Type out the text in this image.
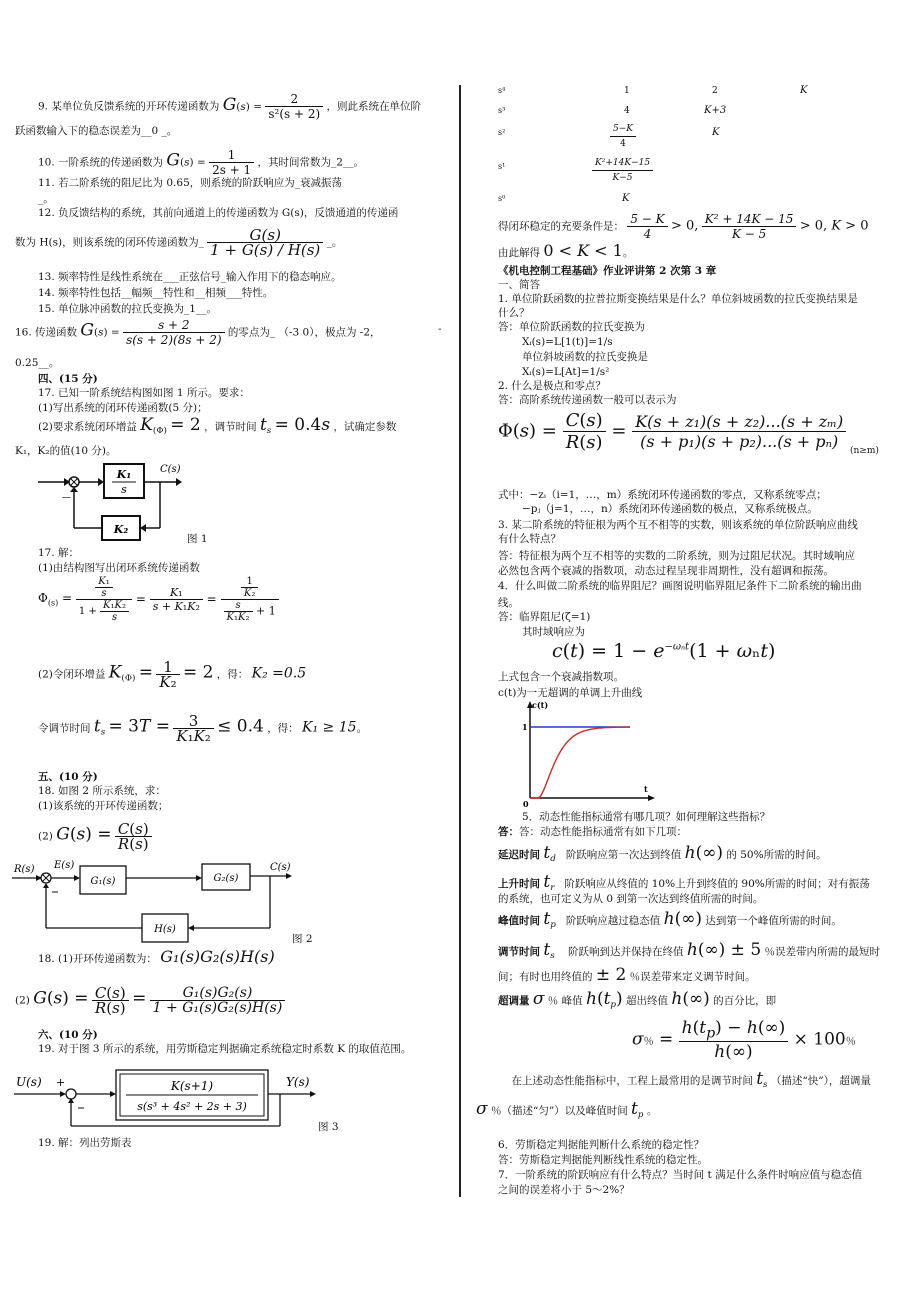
9. 某单位负反馈系统的开环传递函数为 $G(s) = \frac{2}{\text{s²(s + 2)}}$ ，则此系统在单位阶
跃函数输入下的稳态误差为__0 _。
10. 一阶系统的传递函数为 $G(s) = \frac{1}{2s + 1}$ ，其时间常数为_2__。
11. 若二阶系统的阻尼比为 0.65，则系统的阶跃响应为_衰减振荡
_。
12. 负反馈结构的系统，其前向通道上的传递函数为 G(s)，反馈通道的传递函
数为 H(s)，则该系统的闭环传递函数为_ $\frac{G(s)}{1 + G(s) / H(s)}$ _。
13. 频率特性是线性系统在___正弦信号_输入作用下的稳态响应。
14. 频率特性包括__幅频__特性和__相频___特性。
15. 单位脉冲函数的拉氏变换为_1__。
16. 传递函数 $G(s) = \frac{s + 2}{s(s + 2)(8s + 2)}$ 的零点为_ （-3 0），极点为 -2，	-
0.25__。
四、(15 分)
17. 已知一阶系统结构图如图 1 所示。要求：
(1)写出系统的闭环传递函数(5 分)；
(2)要求系统闭环增益 $K_{(\Phi)} = 2$ ，调节时间 $t_s = 0.4s$ ，试确定参数
K₁，K₂的值(10 分)。
K₁
s
C(s)
K₂
—
图 1
17. 解：
(1)由结构图写出闭环系统传递函数
$\Phi_{(s)} = \frac{\frac{\text{K₁}}{s}}{1 + \frac{\text{K₁K₂}}{s}} = \frac{\text{K₁}}{\text{s + K₁K₂}} = \frac{\frac{1}{\text{K₂}}}{\frac{s}{\text{K₁K₂}} + 1}$
(2)令闭环增益 $K_{(\Phi)} = \frac{1}{\text{K₂}} = 2$ ，得： K₂ =0.5
令调节时间 $t_s = 3T = \frac{3}{\text{K₁K₂}} \le 0.4$ ，得： K₁ ≥ 15。
五、(10 分)
18. 如图 2 所示系统，求：
(1)该系统的开环传递函数；
(2) $G(s) = \frac{C(s)}{R(s)}$
R(s) E(s)
G₁(s)	G₂(s)
C(s)
H(s)
图 2
18. (1)开环传递函数为： G₁(s)G₂(s)H(s)
(2) $G(s) = \frac{C(s)}{R(s)} = \frac{\text{G₁(s)G₂(s)}}{\text{1 + G₁(s)G₂(s)H(s)}}$
六、(10 分)
19. 对于图 3 所示的系统，用劳斯稳定判据确定系统稳定时系数 K 的取值范围。
U(s) +	K(s+1)
s(s³ + 4s² + 2s + 3)
Y(s)
图 3
19. 解：列出劳斯表
s⁴	1	2	K
s³	4	K+3
s²	$\frac{5-K}{4}$	K
s¹	$\frac{\text{K²+14K−15}}{K-5}$
s⁰	K
得闭环稳定的充要条件是： $\frac{5 - K}{4} > 0$, $\frac{\text{K² + 14K − 15}}{K - 5} > 0$, K > 0
由此解得 0 < K < 1。
《机电控制工程基础》作业评讲第 2 次第 3 章
一、简答
1. 单位阶跃函数的拉普拉斯变换结果是什么？单位斜坡函数的拉氏变换结果是
什么？
答：单位阶跃函数的拉氏变换为
Xᵢ(s)=L[1(t)]=1/s
单位斜坡函数的拉氏变换是
Xᵢ(s)=L[At]=1/s²
2. 什么是极点和零点？
答：高阶系统传递函数一般可以表示为
$\Phi(s) = \frac{C(s)}{R(s)} = \frac{\text{K(s + z₁)(s + z₂)...(s + zₘ)}}{\text{(s + p₁)(s + p₂)...(s + pₙ)}} (n\ge m)$
式中：−zᵢ（i=1，…，m）系统闭环传递函数的零点，又称系统零点；
−pⱼ（j=1，…，n）系统闭环传递函数的极点，又称系统极点。
3. 某二阶系统的特征根为两个互不相等的实数，则该系统的单位阶跃响应曲线
有什么特点？
答：特征根为两个互不相等的实数的二阶系统，则为过阻尼状况。其时域响应
必然包含两个衰减的指数项，动态过程呈现非周期性，没有超调和振荡。
4．什么叫做二阶系统的临界阻尼？画图说明临界阻尼条件下二阶系统的输出曲
线。
答：临界阻尼(ζ=1)
其时域响应为
$c(t) = 1 - e^{-\omega_nt}(1 + \omega_nt)$
上式包含一个衰减指数项。
c(t)为一无超调的单调上升曲线
c(t)
t
0
1
5．动态性能指标通常有哪几项？如何理解这些指标？
答：答：动态性能指标通常有如下几项：
延迟时间 $t_d$ 阶跃响应第一次达到终值 h(∞) 的 50%所需的时间。
上升时间 $t_r$ 阶跃响应从终值的 10%上升到终值的 90%所需的时间；对有振荡
的系统，也可定义为从 0 到第一次达到终值所需的时间。
峰值时间 $t_p$ 阶跃响应越过稳态值 h(∞) 达到第一个峰值所需的时间。
调节时间 $t_s$ 阶跃响到达并保持在终值 h(∞) ± 5 ％误差带内所需的最短时
间；有时也用终值的 ± 2 ％误差带来定义调节时间。
超调量 σ ％ 峰值 $h(t_p)$ 超出终值 h(∞) 的百分比，即
σ％ = $\frac{h(t_p) - h(\infty)}{h(\infty)} \times 100$％
在上述动态性能指标中，工程上最常用的是调节时间 $t_s$ （描述“快”），超调量
σ ％（描述“匀”）以及峰值时间 $t_p$ 。
6．劳斯稳定判据能判断什么系统的稳定性？
答：劳斯稳定判据能判断线性系统的稳定性。
7．一阶系统的阶跃响应有什么特点？当时间 t 满足什么条件时响应值与稳态值
之间的误差将小于 5～2%？
